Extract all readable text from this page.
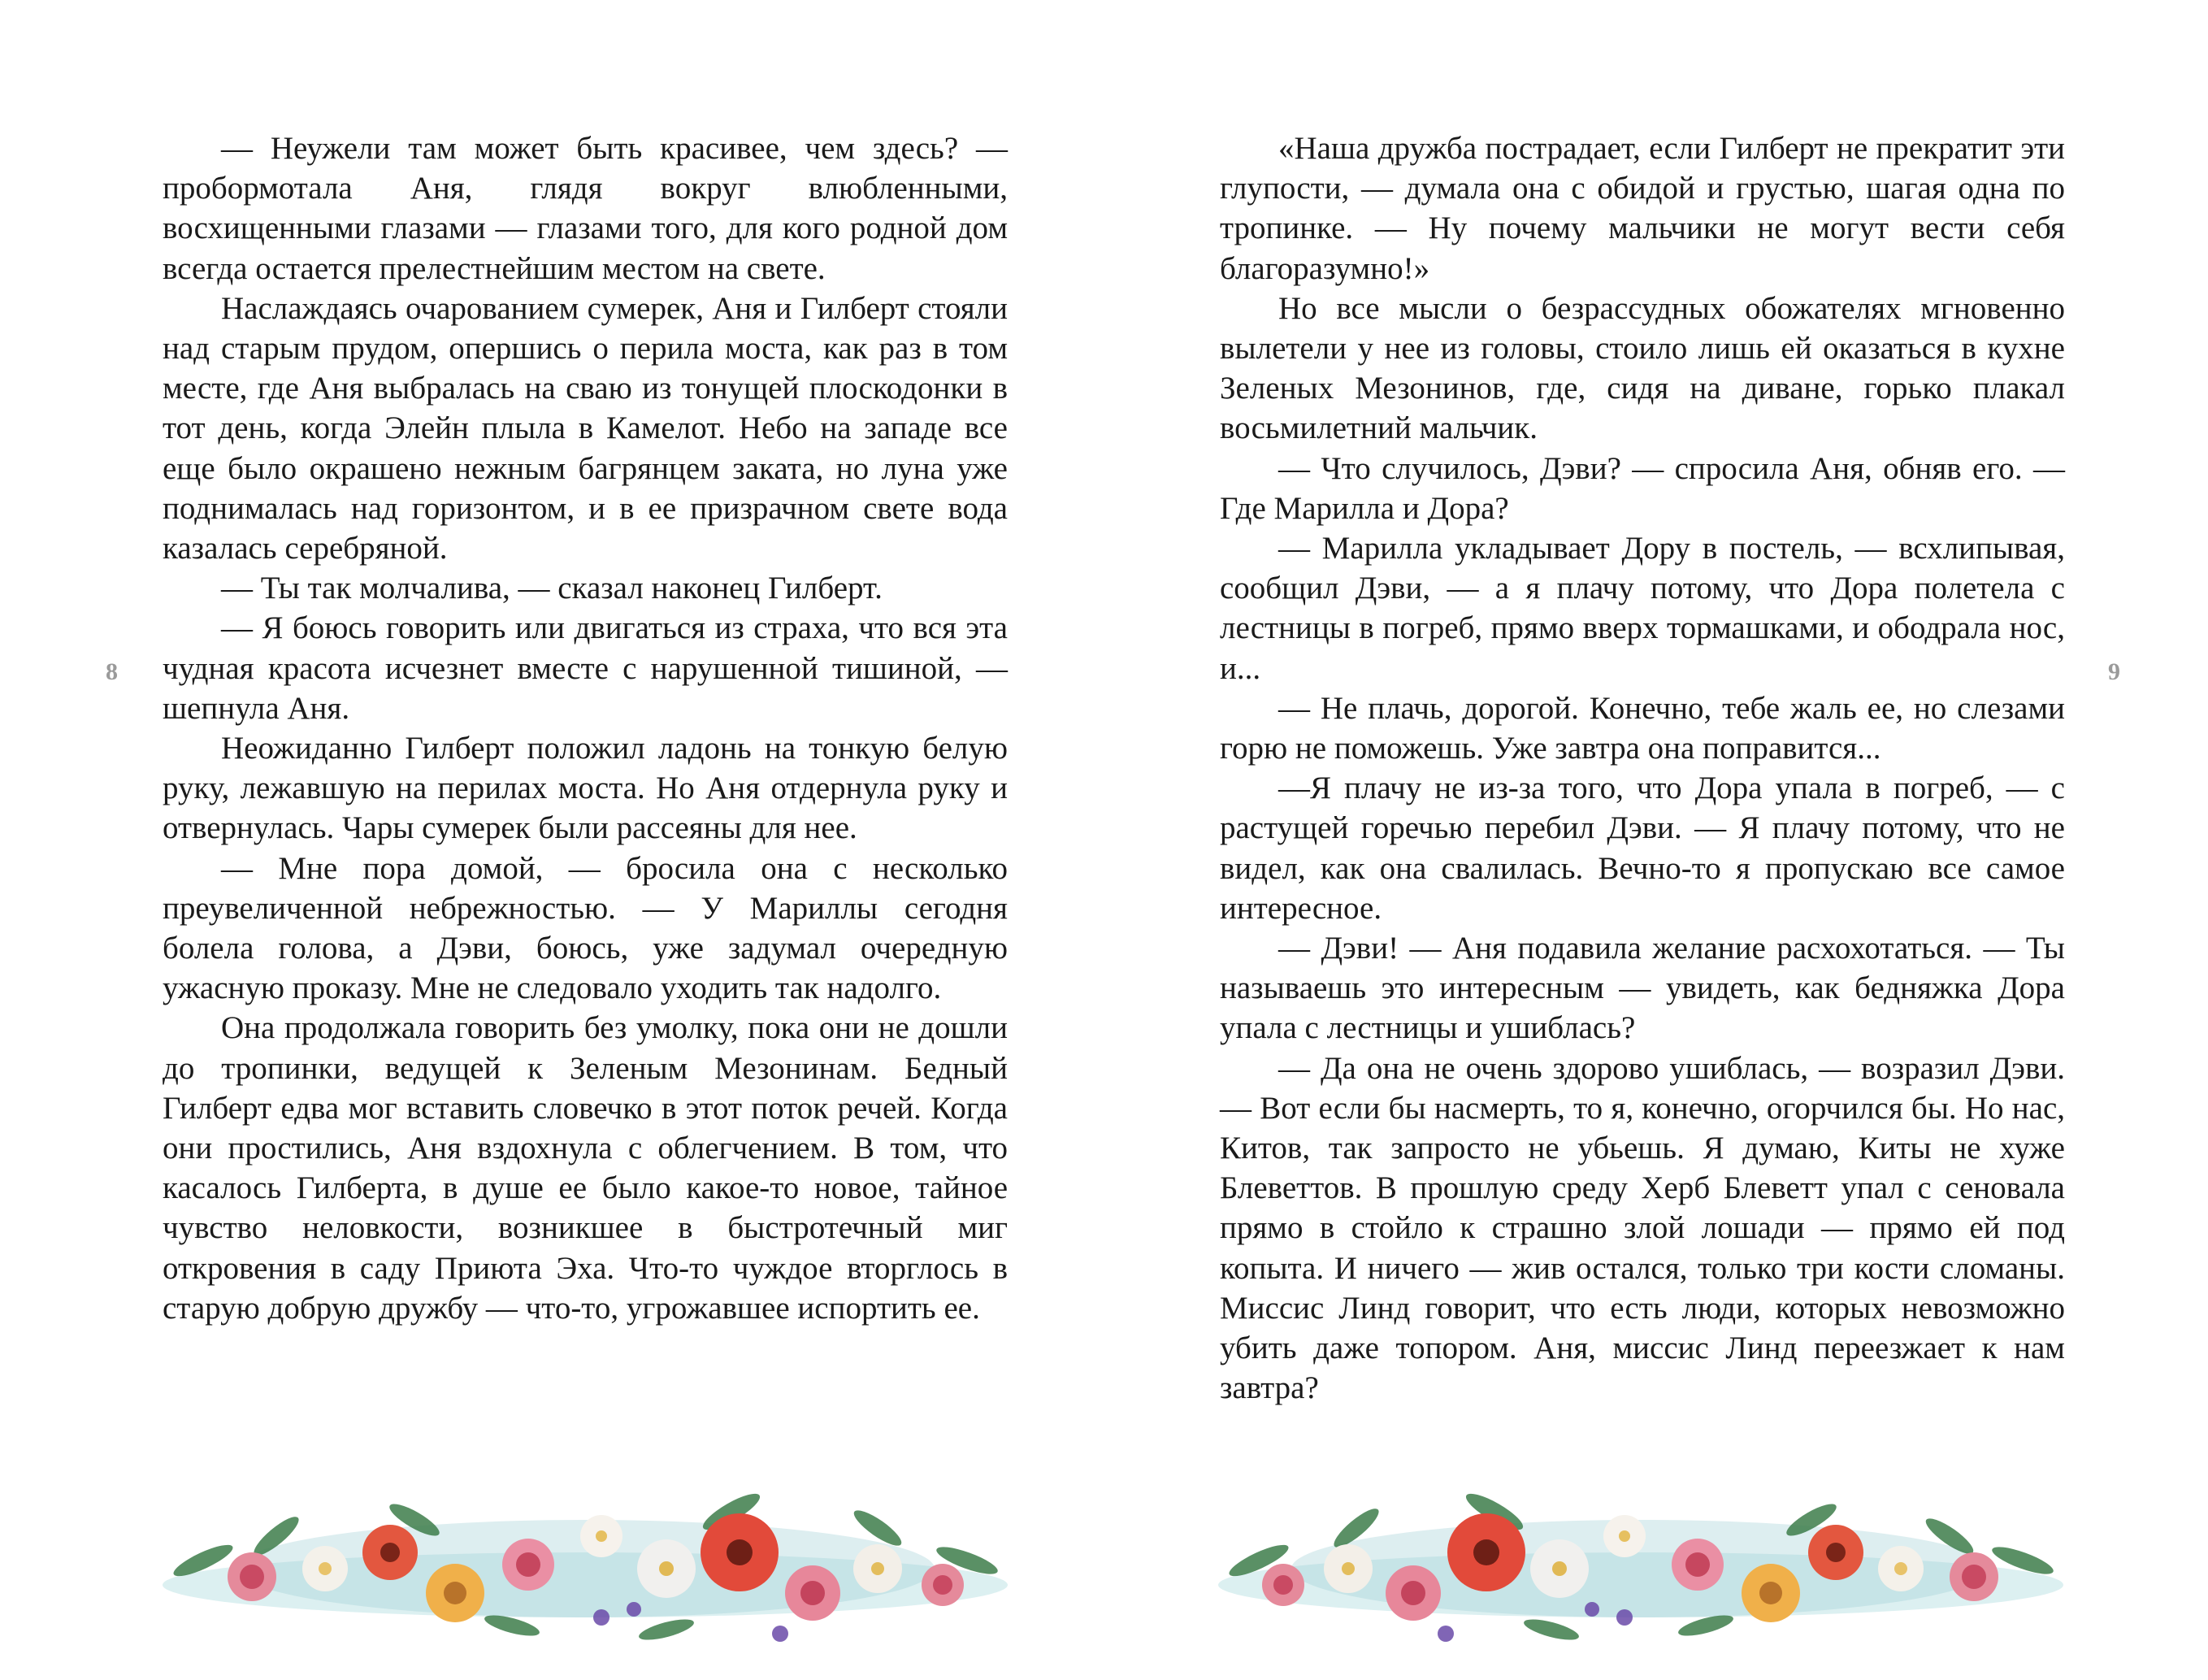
— Неужели там может быть красивее, чем здесь? — пробормотала Аня, глядя вокруг влюбленными, восхищенными глазами — глазами того, для кого родной дом всегда остается прелестнейшим местом на свете.

Наслаждаясь очарованием сумерек, Аня и Гилберт стояли над старым прудом, опершись о перила моста, как раз в том месте, где Аня выбралась на сваю из тонущей плоскодонки в тот день, когда Элейн плыла в Камелот. Небо на западе все еще было окрашено нежным багрянцем заката, но луна уже поднималась над горизонтом, и в ее призрачном свете вода казалась серебряной.

— Ты так молчалива, — сказал наконец Гилберт.

— Я боюсь говорить или двигаться из страха, что вся эта чудная красота исчезнет вместе с нарушенной тишиной, — шепнула Аня.

Неожиданно Гилберт положил ладонь на тонкую белую руку, лежавшую на перилах моста. Но Аня отдернула руку и отвернулась. Чары сумерек были рассеяны для нее.

— Мне пора домой, — бросила она с несколько преувеличенной небрежностью. — У Мариллы сегодня болела голова, а Дэви, боюсь, уже задумал очередную ужасную проказу. Мне не следовало уходить так надолго.

Она продолжала говорить без умолку, пока они не дошли до тропинки, ведущей к Зеленым Мезонинам. Бедный Гилберт едва мог вставить словечко в этот поток речей. Когда они простились, Аня вздохнула с облегчением. В том, что касалось Гилберта, в душе ее было какое-то новое, тайное чувство неловкости, возникшее в быстротечный миг откровения в саду Приюта Эха. Что-то чуждое вторглось в старую добрую дружбу — что-то, угрожавшее испортить ее.

8

«Наша дружба пострадает, если Гилберт не прекратит эти глупости, — думала она с обидой и грустью, шагая одна по тропинке. — Ну почему мальчики не могут вести себя благоразумно!»

Но все мысли о безрассудных обожателях мгновенно вылетели у нее из головы, стоило лишь ей оказаться в кухне Зеленых Мезонинов, где, сидя на диване, горько плакал восьмилетний мальчик.

— Что случилось, Дэви? — спросила Аня, обняв его. — Где Марилла и Дора?

— Марилла укладывает Дору в постель, — всхлипывая, сообщил Дэви, — а я плачу потому, что Дора полетела с лестницы в погреб, прямо вверх тормашками, и ободрала нос, и...

— Не плачь, дорогой. Конечно, тебе жаль ее, но слезами горю не поможешь. Уже завтра она поправится...

—Я плачу не из-за того, что Дора упала в погреб, — с растущей горечью перебил Дэви. — Я плачу потому, что не видел, как она свалилась. Вечно-то я пропускаю все самое интересное.

— Дэви! — Аня подавила желание расхохотаться. — Ты называешь это интересным — увидеть, как бедняжка Дора упала с лестницы и ушиблась?

— Да она не очень здорово ушиблась, — возразил Дэви. — Вот если бы насмерть, то я, конечно, огорчился бы. Но нас, Китов, так запросто не убьешь. Я думаю, Киты не хуже Блеветтов. В прошлую среду Херб Блеветт упал с сеновала прямо в стойло к страшно злой лошади — прямо ей под копыта. И ничего — жив остался, только три кости сломаны. Миссис Линд говорит, что есть люди, которых невозможно убить даже топором. Аня, миссис Линд переезжает к нам завтра?

9
